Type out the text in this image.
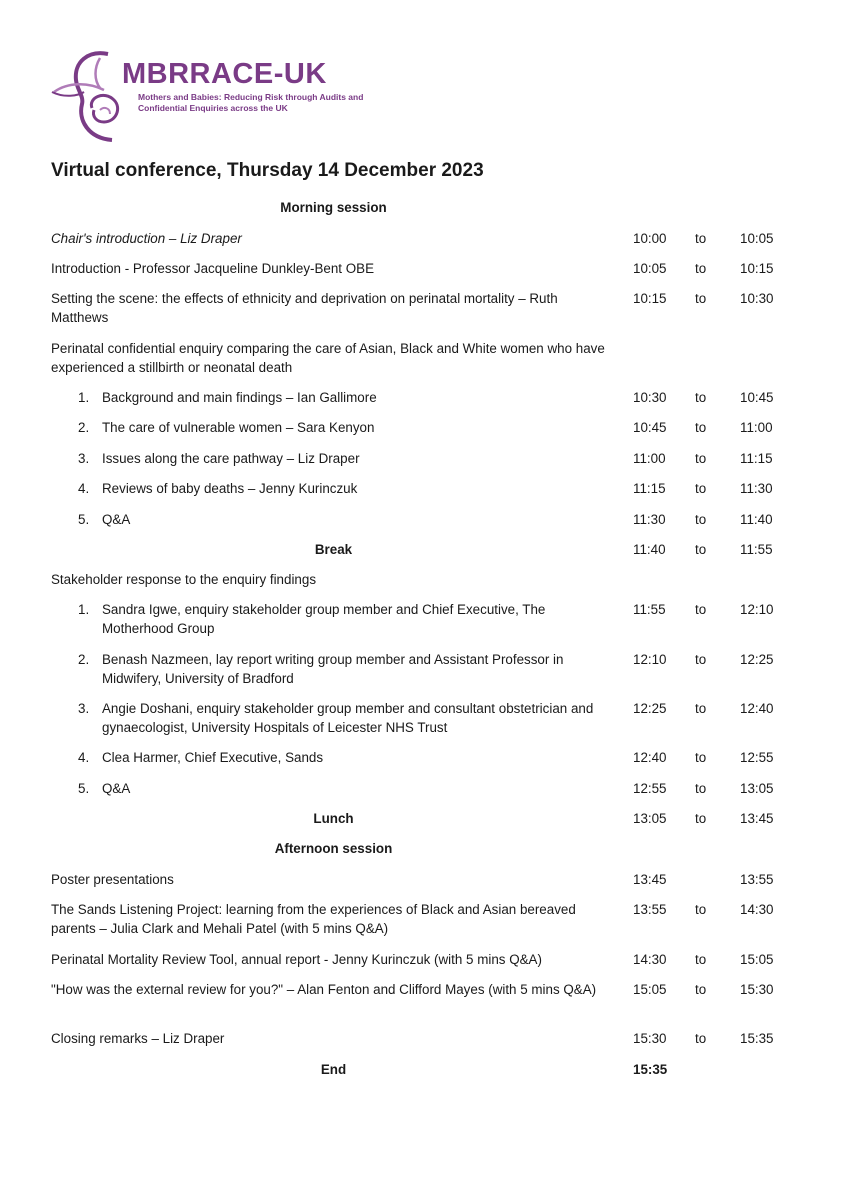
MBRRACE-UK
Mothers and Babies: Reducing Risk through Audits and Confidential Enquiries across the UK
Virtual conference, Thursday 14 December 2023
Morning session
Chair's introduction – Liz Draper	10:00 to	10:05
Introduction - Professor Jacqueline Dunkley-Bent OBE	10:05 to	10:15
Setting the scene: the effects of ethnicity and deprivation on perinatal mortality – Ruth Matthews
10:15 to	10:30
Perinatal confidential enquiry comparing the care of Asian, Black and White women who have experienced a stillbirth or neonatal death
1. Background and main findings – Ian Gallimore	10:30 to	10:45
2. The care of vulnerable women – Sara Kenyon	10:45 to	11:00
3. Issues along the care pathway – Liz Draper	11:00 to	11:15
4. Reviews of baby deaths – Jenny Kurinczuk	11:15 to	11:30
5. Q&A	11:30 to	11:40
Break	11:40 to	11:55
Stakeholder response to the enquiry findings
1. Sandra Igwe, enquiry stakeholder group member and Chief Executive, The Motherhood Group
11:55 to	12:10
2. Benash Nazmeen, lay report writing group member and Assistant Professor in Midwifery, University of Bradford
12:10 to	12:25
3. Angie Doshani, enquiry stakeholder group member and consultant obstetrician and gynaecologist, University Hospitals of Leicester NHS Trust
12:25 to	12:40
4. Clea Harmer, Chief Executive, Sands	12:40 to	12:55
5. Q&A	12:55 to	13:05
Lunch	13:05 to	13:45
Afternoon session
Poster presentations	13:45	13:55
The Sands Listening Project: learning from the experiences of Black and Asian bereaved parents – Julia Clark and Mehali Patel (with 5 mins Q&A)
13:55 to	14:30
Perinatal Mortality Review Tool, annual report - Jenny Kurinczuk (with 5 mins Q&A)	14:30 to	15:05
"How was the external review for you?" – Alan Fenton and Clifford Mayes (with 5 mins Q&A)	15:05 to	15:30
Closing remarks – Liz Draper	15:30 to	15:35
End	15:35
